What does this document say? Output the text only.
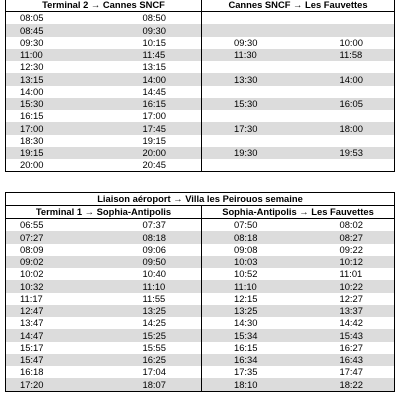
Terminal 2 → Cannes SNCF		Cannes SNCF → Les Fauvettes	
08:05	08:50		
08:45	09:30		
09:30	10:15	09:30	10:00
11:00	11:45	11:30	11:58
12:30	13:15		
13:15	14:00	13:30	14:00
14:00	14:45		
15:30	16:15	15:30	16:05
16:15	17:00		
17:00	17:45	17:30	18:00
18:30	19:15		
19:15	20:00	19:30	19:53
20:00	20:45		
Liaison aéroport → Villa les Peirouos semaine			
Terminal 1 → Sophia-Antipolis		Sophia-Antipolis → Les Fauvettes	
06:55	07:37	07:50	08:02
07:27	08:18	08:18	08:27
08:09	09:06	09:08	09:22
09:02	09:50	10:03	10:12
10:02	10:40	10:52	11:01
10:32	11:10	11:10	10:22
11:17	11:55	12:15	12:27
12:47	13:25	13:25	13:37
13:47	14:25	14:30	14:42
14:47	15:25	15:34	15:43
15:17	15:55	16:15	16:27
15:47	16:25	16:34	16:43
16:18	17:04	17:35	17:47
17:20	18:07	18:10	18:22
